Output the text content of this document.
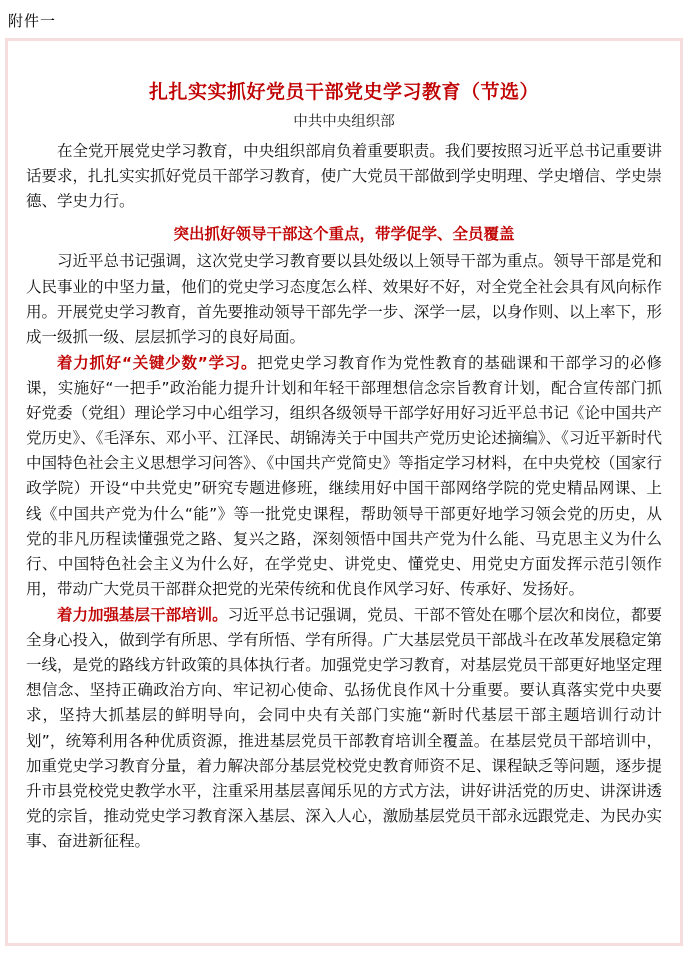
附件一
扎扎实实抓好党员干部党史学习教育（节选）
中共中央组织部

在全党开展党史学习教育，中央组织部肩负着重要职责。我们要按照习近平总书记重要讲话要求，扎扎实实抓好党员干部学习教育，使广大党员干部做到学史明理、学史增信、学史崇德、学史力行。

突出抓好领导干部这个重点，带学促学、全员覆盖

习近平总书记强调，这次党史学习教育要以县处级以上领导干部为重点。领导干部是党和人民事业的中坚力量，他们的党史学习态度怎么样、效果好不好，对全党全社会具有风向标作用。开展党史学习教育，首先要推动领导干部先学一步、深学一层，以身作则、以上率下，形成一级抓一级、层层抓学习的良好局面。

着力抓好“关键少数”学习。把党史学习教育作为党性教育的基础课和干部学习的必修课，实施好“一把手”政治能力提升计划和年轻干部理想信念宗旨教育计划，配合宣传部门抓好党委（党组）理论学习中心组学习，组织各级领导干部学好用好习近平总书记《论中国共产党历史》、《毛泽东、邓小平、江泽民、胡锦涛关于中国共产党历史论述摘编》、《习近平新时代中国特色社会主义思想学习问答》、《中国共产党简史》等指定学习材料，在中央党校（国家行政学院）开设“中共党史”研究专题进修班，继续用好中国干部网络学院的党史精品网课、上线《中国共产党为什么“能”》等一批党史课程，帮助领导干部更好地学习领会党的历史，从党的非凡历程读懂强党之路、复兴之路，深刻领悟中国共产党为什么能、马克思主义为什么行、中国特色社会主义为什么好，在学党史、讲党史、懂党史、用党史方面发挥示范引领作用，带动广大党员干部群众把党的光荣传统和优良作风学习好、传承好、发扬好。

着力加强基层干部培训。习近平总书记强调，党员、干部不管处在哪个层次和岗位，都要全身心投入，做到学有所思、学有所悟、学有所得。广大基层党员干部战斗在改革发展稳定第一线，是党的路线方针政策的具体执行者。加强党史学习教育，对基层党员干部更好地坚定理想信念、坚持正确政治方向、牢记初心使命、弘扬优良作风十分重要。要认真落实党中央要求，坚持大抓基层的鲜明导向，会同中央有关部门实施“新时代基层干部主题培训行动计划”，统筹利用各种优质资源，推进基层党员干部教育培训全覆盖。在基层党员干部培训中，加重党史学习教育分量，着力解决部分基层党校党史教育师资不足、课程缺乏等问题，逐步提升市县党校党史教学水平，注重采用基层喜闻乐见的方式方法，讲好讲活党的历史、讲深讲透党的宗旨，推动党史学习教育深入基层、深入人心，激励基层党员干部永远跟党走、为民办实事、奋进新征程。
